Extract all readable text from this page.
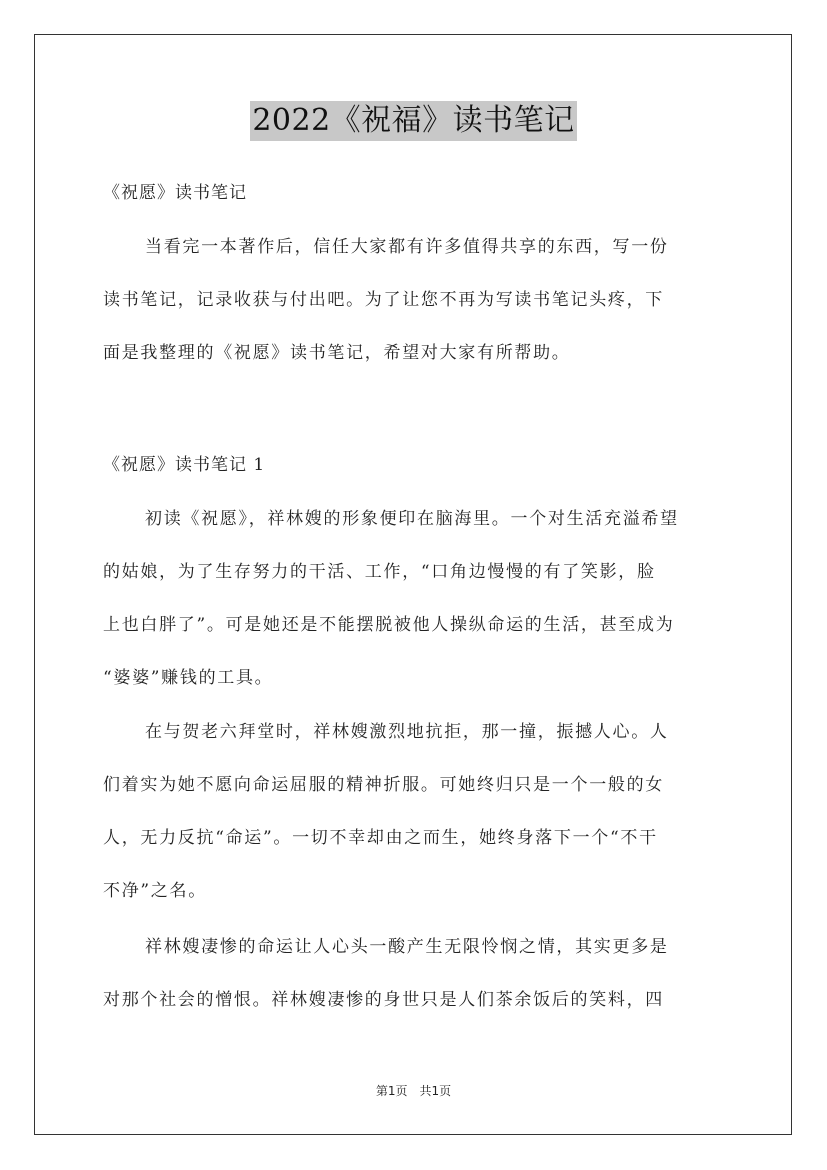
2022《祝福》读书笔记
《祝愿》读书笔记
当看完一本著作后，信任大家都有许多值得共享的东西，写一份
读书笔记，记录收获与付出吧。为了让您不再为写读书笔记头疼，下
面是我整理的《祝愿》读书笔记，希望对大家有所帮助。
《祝愿》读书笔记 1
初读《祝愿》，祥林嫂的形象便印在脑海里。一个对生活充溢希望
的姑娘，为了生存努力的干活、工作，“口角边慢慢的有了笑影，脸
上也白胖了”。可是她还是不能摆脱被他人操纵命运的生活，甚至成为
“婆婆”赚钱的工具。
在与贺老六拜堂时，祥林嫂激烈地抗拒，那一撞，振撼人心。人
们着实为她不愿向命运屈服的精神折服。可她终归只是一个一般的女
人，无力反抗“命运”。一切不幸却由之而生，她终身落下一个“不干
不净”之名。
祥林嫂凄惨的命运让人心头一酸产生无限怜悯之情，其实更多是
对那个社会的憎恨。祥林嫂凄惨的身世只是人们茶余饭后的笑料，四
第1页 共1页
